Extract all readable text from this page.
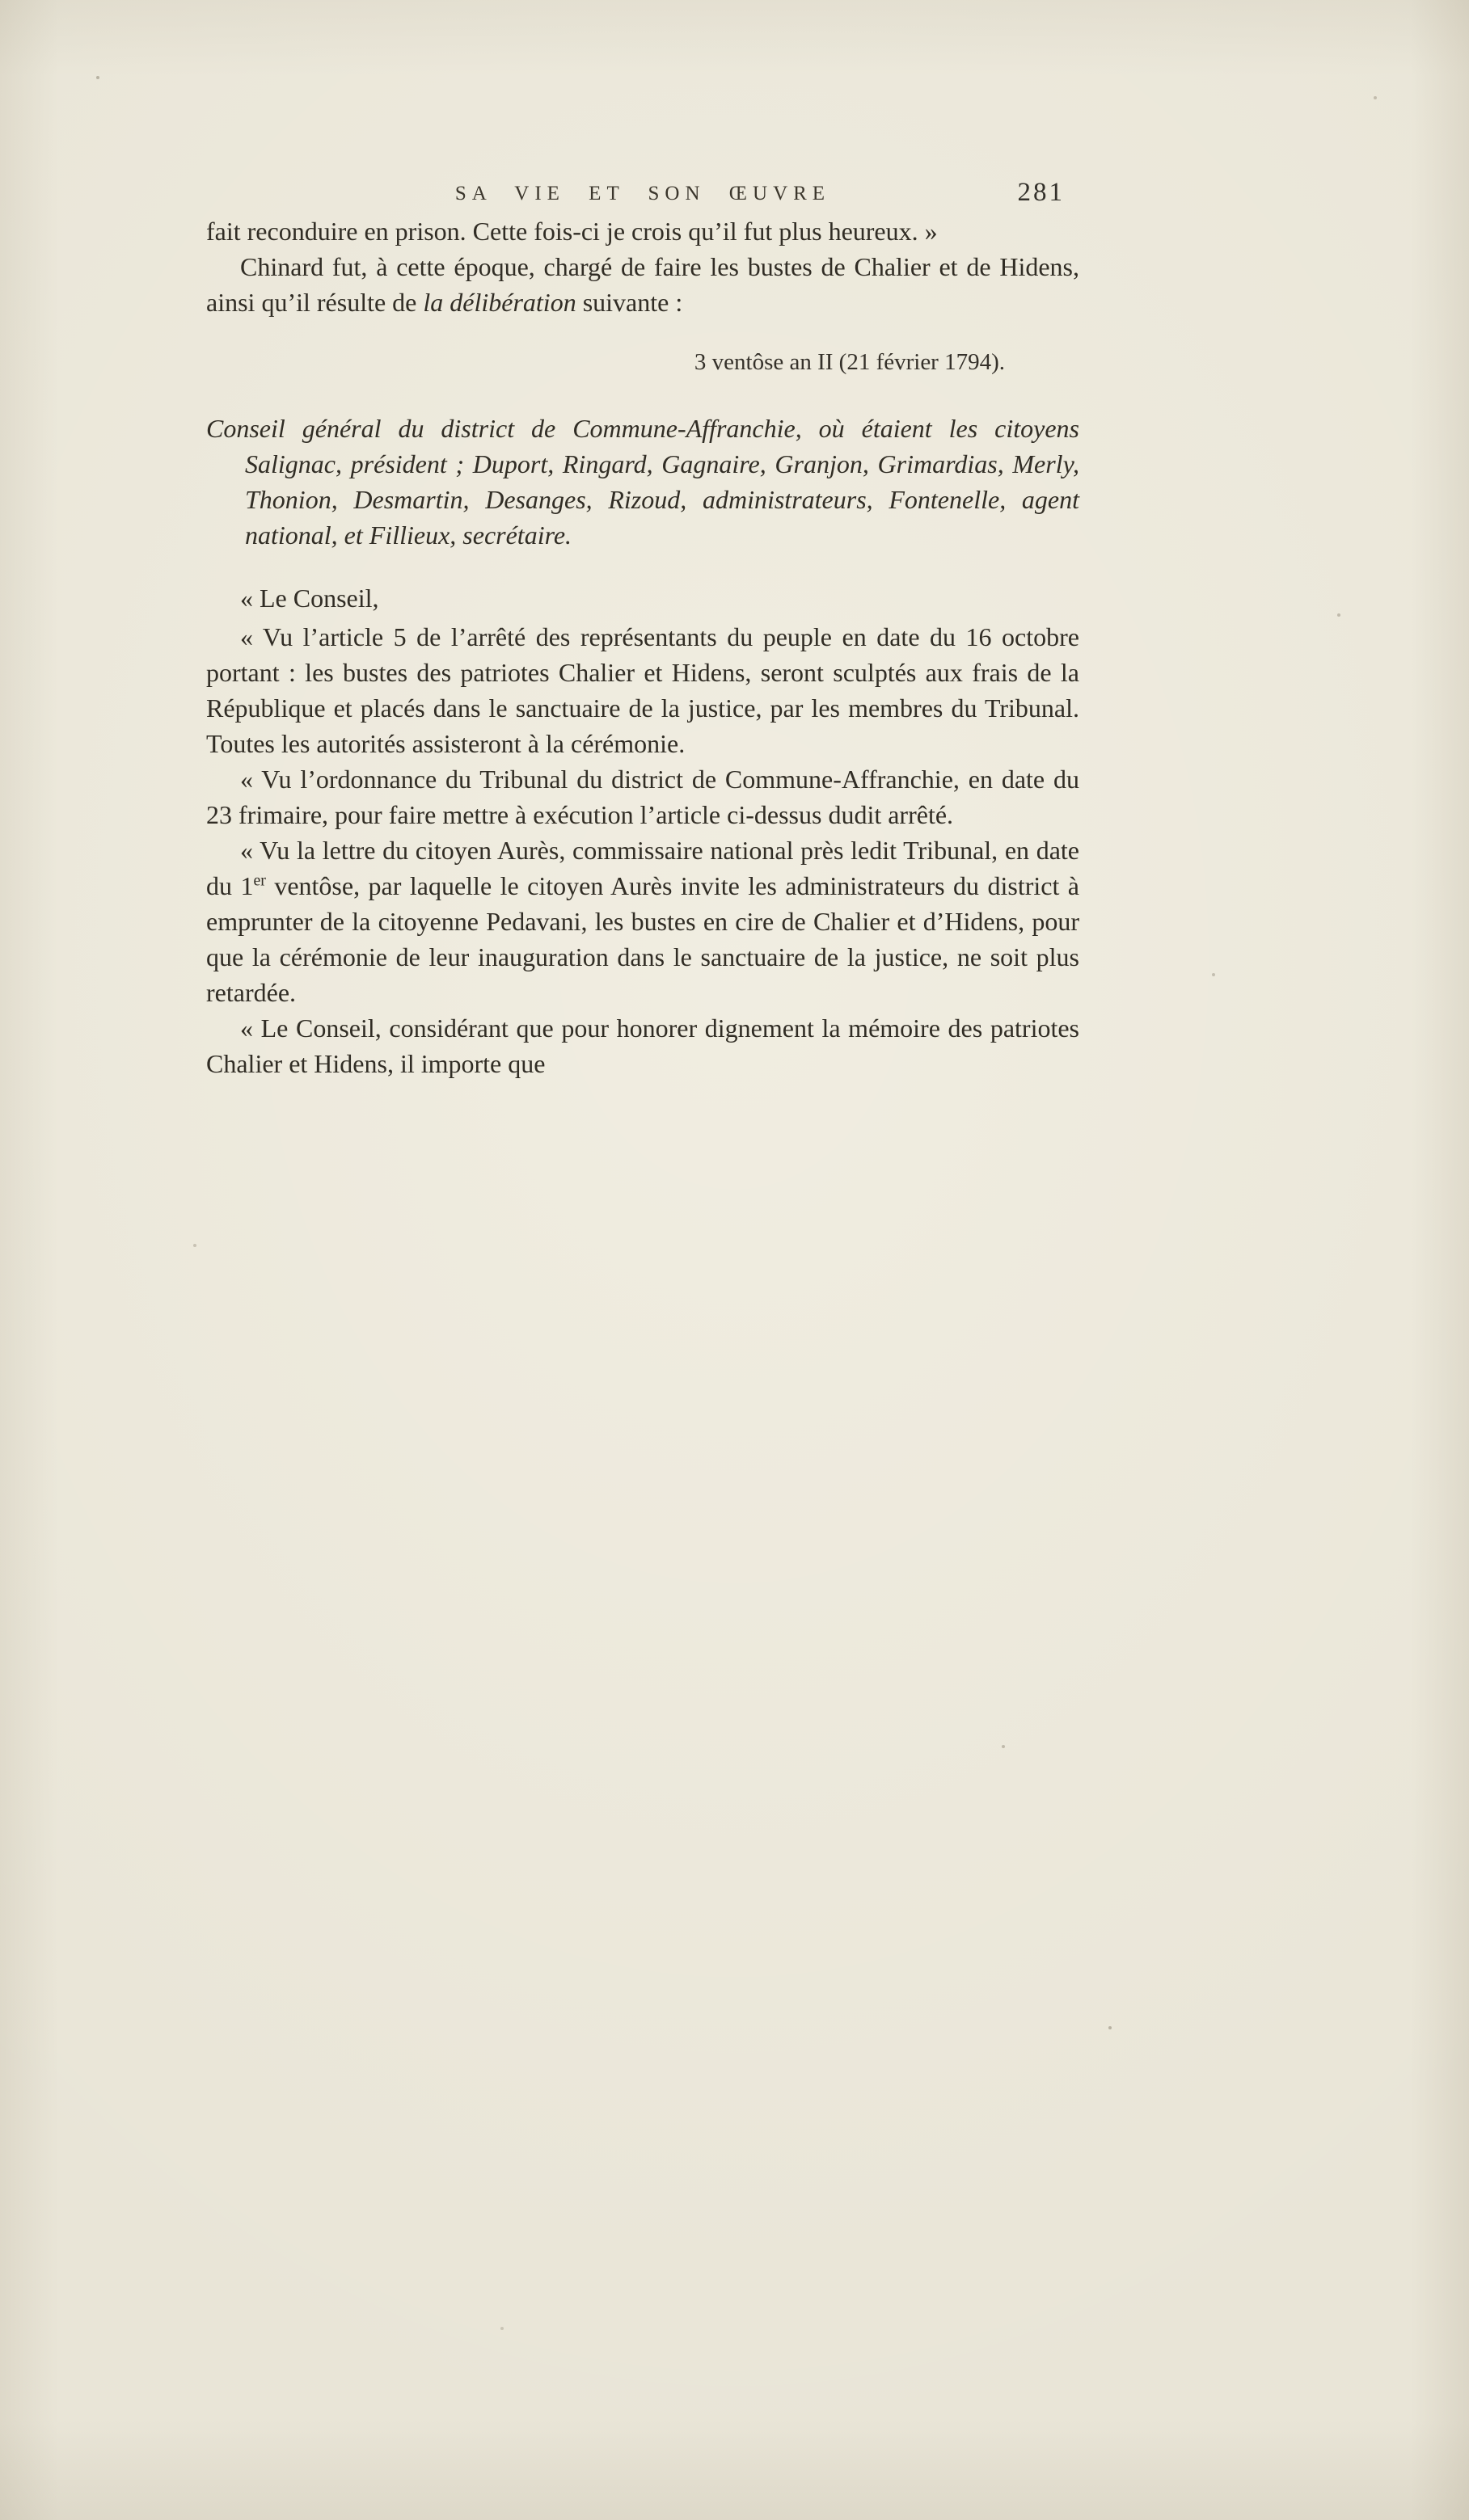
SA VIE ET SON ŒUVRE	281

fait reconduire en prison. Cette fois-ci je crois qu’il fut plus heureux. »

Chinard fut, à cette époque, chargé de faire les bustes de Chalier et de Hidens, ainsi qu’il résulte de la délibération suivante :

3 ventôse an II (21 février 1794).

Conseil général du district de Commune-Affranchie, où étaient les citoyens Salignac, président ; Duport, Ringard, Gagnaire, Granjon, Grimardias, Merly, Thonion, Desmartin, Desanges, Rizoud, administrateurs, Fontenelle, agent national, et Fillieux, secrétaire.

« Le Conseil,

« Vu l’article 5 de l’arrêté des représentants du peuple en date du 16 octobre portant : les bustes des patriotes Chalier et Hidens, seront sculptés aux frais de la République et placés dans le sanctuaire de la justice, par les membres du Tribunal. Toutes les autorités assisteront à la cérémonie.

« Vu l’ordonnance du Tribunal du district de Commune-Affranchie, en date du 23 frimaire, pour faire mettre à exécution l’article ci-dessus dudit arrêté.

« Vu la lettre du citoyen Aurès, commissaire national près ledit Tribunal, en date du 1er ventôse, par laquelle le citoyen Aurès invite les administrateurs du district à emprunter de la citoyenne Pedavani, les bustes en cire de Chalier et d’Hidens, pour que la cérémonie de leur inauguration dans le sanctuaire de la justice, ne soit plus retardée.

« Le Conseil, considérant que pour honorer dignement la mémoire des patriotes Chalier et Hidens, il importe que
